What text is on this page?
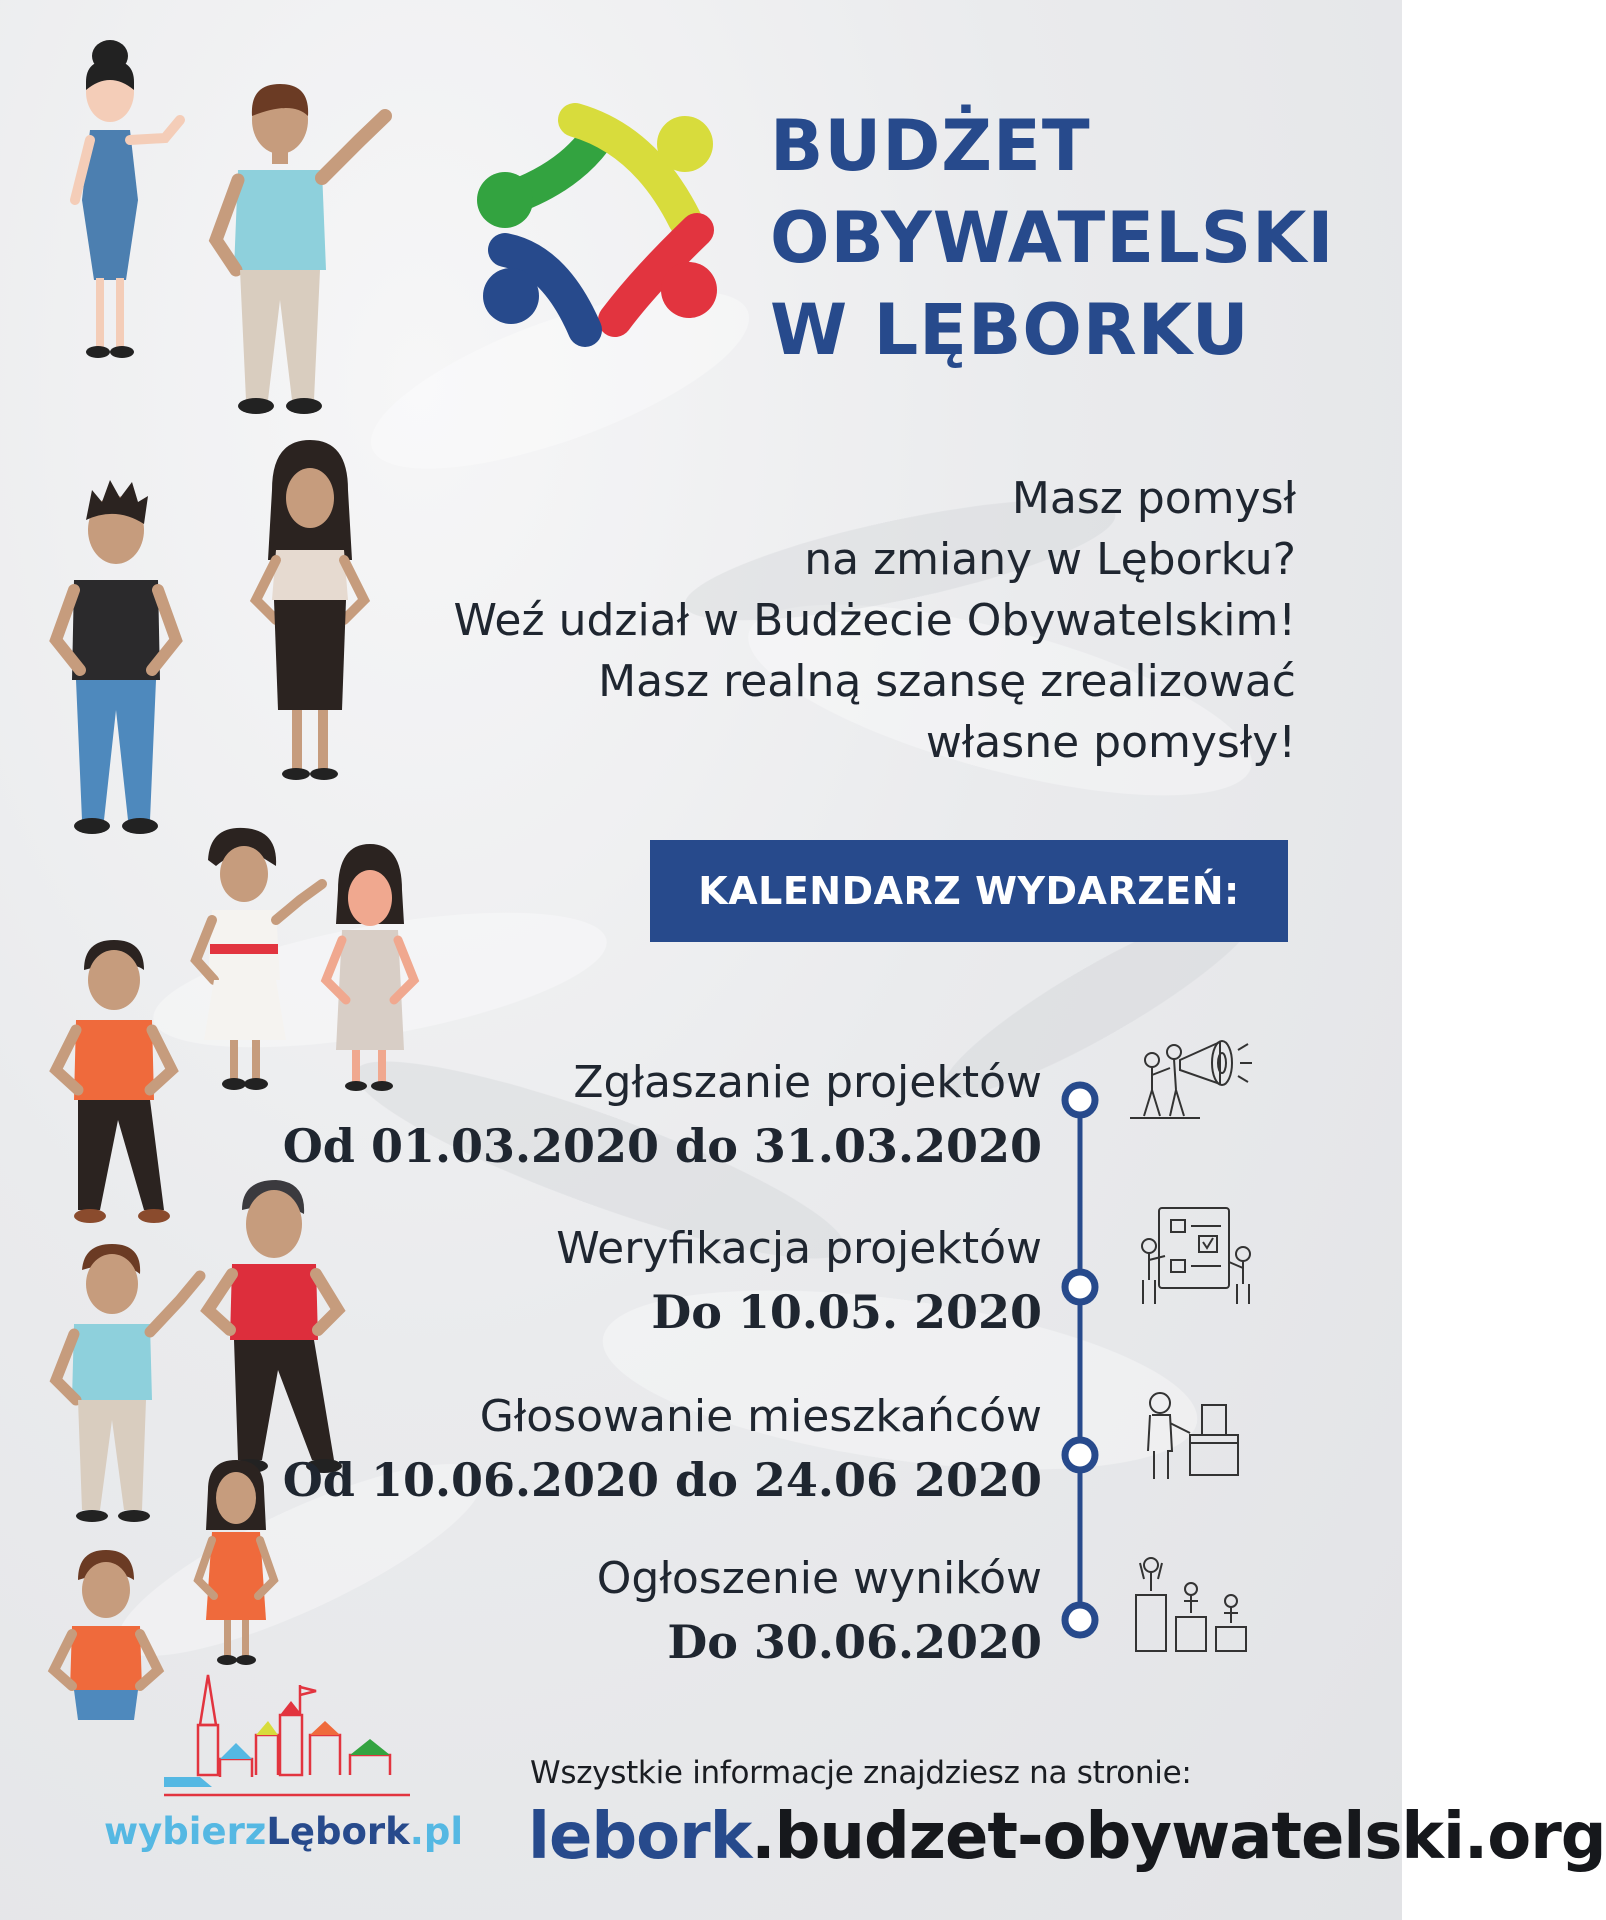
BUDŻET
OBYWATELSKI
W LĘBORKU
Masz pomysł
na zmiany w Lęborku?
Weź udział w Budżecie Obywatelskim!
Masz realną szansę zrealizować
własne pomysły!
KALENDARZ WYDARZEŃ:
Zgłaszanie projektów
Od 01.03.2020 do 31.03.2020
Weryfikacja projektów
Do 10.05. 2020
Głosowanie mieszkańców
Od 10.06.2020 do 24.06 2020
Ogłoszenie wyników
Do 30.06.2020
wybierzLębork.pl
Wszystkie informacje znajdziesz na stronie:
lebork.budzet-obywatelski.org
